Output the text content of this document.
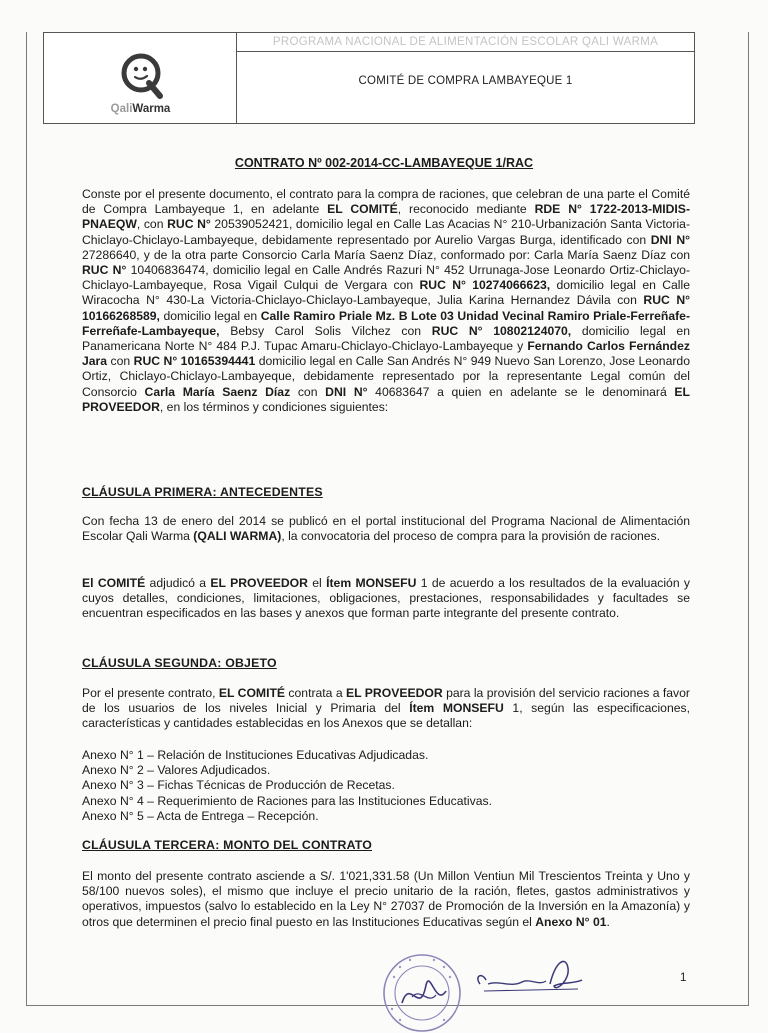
QaliWarma
PROGRAMA NACIONAL DE ALIMENTACIÓN ESCOLAR QALI WARMA
COMITÉ DE COMPRA LAMBAYEQUE 1
CONTRATO Nº 002-2014-CC-LAMBAYEQUE 1/RAC
Conste por el presente documento, el contrato para la compra de raciones, que celebran de una parte el Comité de Compra Lambayeque 1, en adelante EL COMITÉ, reconocido mediante RDE N° 1722-2013-MIDIS-PNAEQW, con RUC N° 20539052421, domicilio legal en Calle Las Acacias N° 210-Urbanización Santa Victoria-Chiclayo-Chiclayo-Lambayeque, debidamente representado por Aurelio Vargas Burga, identificado con DNI N° 27286640, y de la otra parte Consorcio Carla María Saenz Díaz, conformado por: Carla María Saenz Díaz con RUC N° 10406836474, domicilio legal en Calle Andrés Razuri N° 452 Urrunaga-Jose Leonardo Ortiz-Chiclayo-Chiclayo-Lambayeque, Rosa Vigail Culqui de Vergara con RUC N° 10274066623, domicilio legal en Calle Wiracocha N° 430-La Victoria-Chiclayo-Chiclayo-Lambayeque, Julia Karina Hernandez Dávila con RUC N° 10166268589, domicilio legal en Calle Ramiro Priale Mz. B Lote 03 Unidad Vecinal Ramiro Priale-Ferreñafe-Ferreñafe-Lambayeque, Bebsy Carol Solis Vilchez con RUC N° 10802124070, domicilio legal en Panamericana Norte N° 484 P.J. Tupac Amaru-Chiclayo-Chiclayo-Lambayeque y Fernando Carlos Fernández Jara con RUC N° 10165394441 domicilio legal en Calle San Andrés N° 949 Nuevo San Lorenzo, Jose Leonardo Ortiz, Chiclayo-Chiclayo-Lambayeque, debidamente representado por la representante Legal común del Consorcio Carla María Saenz Díaz con DNI N° 40683647 a quien en adelante se le denominará EL PROVEEDOR, en los términos y condiciones siguientes:
CLÁUSULA PRIMERA: ANTECEDENTES
Con fecha 13 de enero del 2014 se publicó en el portal institucional del Programa Nacional de Alimentación Escolar Qali Warma (QALI WARMA), la convocatoria del proceso de compra para la provisión de raciones.
El COMITÉ adjudicó a EL PROVEEDOR el Ítem MONSEFU 1 de acuerdo a los resultados de la evaluación y cuyos detalles, condiciones, limitaciones, obligaciones, prestaciones, responsabilidades y facultades se encuentran especificados en las bases y anexos que forman parte integrante del presente contrato.
CLÁUSULA SEGUNDA: OBJETO
Por el presente contrato, EL COMITÉ contrata a EL PROVEEDOR para la provisión del servicio raciones a favor de los usuarios de los niveles Inicial y Primaria del Ítem MONSEFU 1, según las especificaciones, características y cantidades establecidas en los Anexos que se detallan:
Anexo N° 1 – Relación de Instituciones Educativas Adjudicadas.
Anexo N° 2 – Valores Adjudicados.
Anexo N° 3 – Fichas Técnicas de Producción de Recetas.
Anexo N° 4 – Requerimiento de Raciones para las Instituciones Educativas.
Anexo N° 5 – Acta de Entrega – Recepción.
CLÁUSULA TERCERA: MONTO DEL CONTRATO
El monto del presente contrato asciende a S/. 1'021,331.58 (Un Millon Ventiun Mil Trescientos Treinta y Uno y 58/100 nuevos soles), el mismo que incluye el precio unitario de la ración, fletes, gastos administrativos y operativos, impuestos (salvo lo establecido en la Ley N° 27037 de Promoción de la Inversión en la Amazonía) y otros que determinen el precio final puesto en las Instituciones Educativas según el Anexo N° 01.
1
